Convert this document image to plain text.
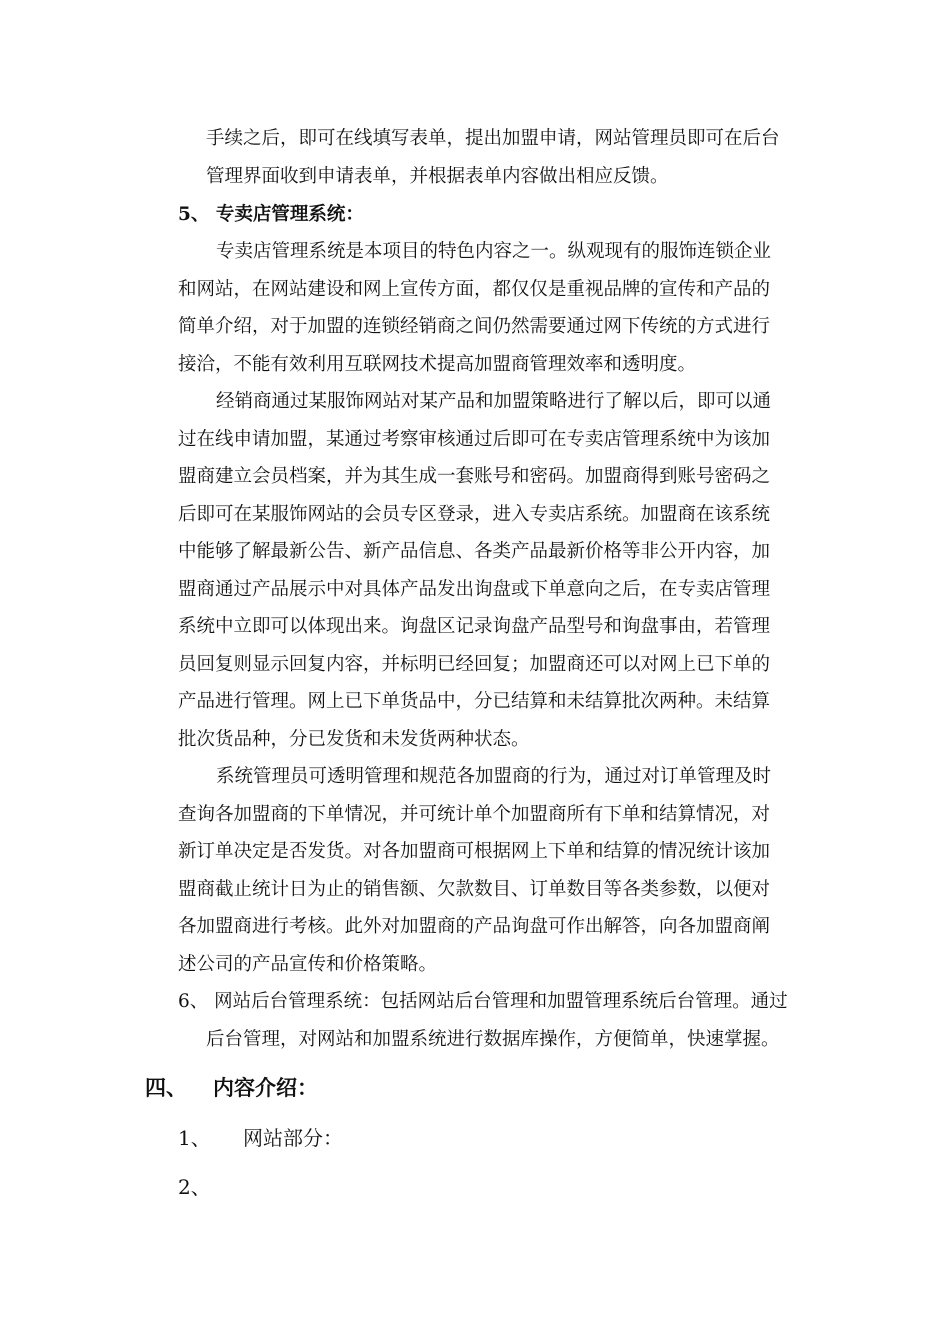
手续之后，即可在线填写表单，提出加盟申请，网站管理员即可在后台
管理界面收到申请表单，并根据表单内容做出相应反馈。
5、 专卖店管理系统：
专卖店管理系统是本项目的特色内容之一。纵观现有的服饰连锁企业
和网站，在网站建设和网上宣传方面，都仅仅是重视品牌的宣传和产品的
简单介绍，对于加盟的连锁经销商之间仍然需要通过网下传统的方式进行
接洽，不能有效利用互联网技术提高加盟商管理效率和透明度。
经销商通过某服饰网站对某产品和加盟策略进行了解以后，即可以通
过在线申请加盟，某通过考察审核通过后即可在专卖店管理系统中为该加
盟商建立会员档案，并为其生成一套账号和密码。加盟商得到账号密码之
后即可在某服饰网站的会员专区登录，进入专卖店系统。加盟商在该系统
中能够了解最新公告、新产品信息、各类产品最新价格等非公开内容，加
盟商通过产品展示中对具体产品发出询盘或下单意向之后，在专卖店管理
系统中立即可以体现出来。询盘区记录询盘产品型号和询盘事由，若管理
员回复则显示回复内容，并标明已经回复；加盟商还可以对网上已下单的
产品进行管理。网上已下单货品中，分已结算和未结算批次两种。未结算
批次货品种，分已发货和未发货两种状态。
系统管理员可透明管理和规范各加盟商的行为，通过对订单管理及时
查询各加盟商的下单情况，并可统计单个加盟商所有下单和结算情况，对
新订单决定是否发货。对各加盟商可根据网上下单和结算的情况统计该加
盟商截止统计日为止的销售额、欠款数目、订单数目等各类参数，以便对
各加盟商进行考核。此外对加盟商的产品询盘可作出解答，向各加盟商阐
述公司的产品宣传和价格策略。
6、 网站后台管理系统：包括网站后台管理和加盟管理系统后台管理。通过
后台管理，对网站和加盟系统进行数据库操作，方便简单，快速掌握。
四、 内容介绍：
1、 网站部分：
2、
